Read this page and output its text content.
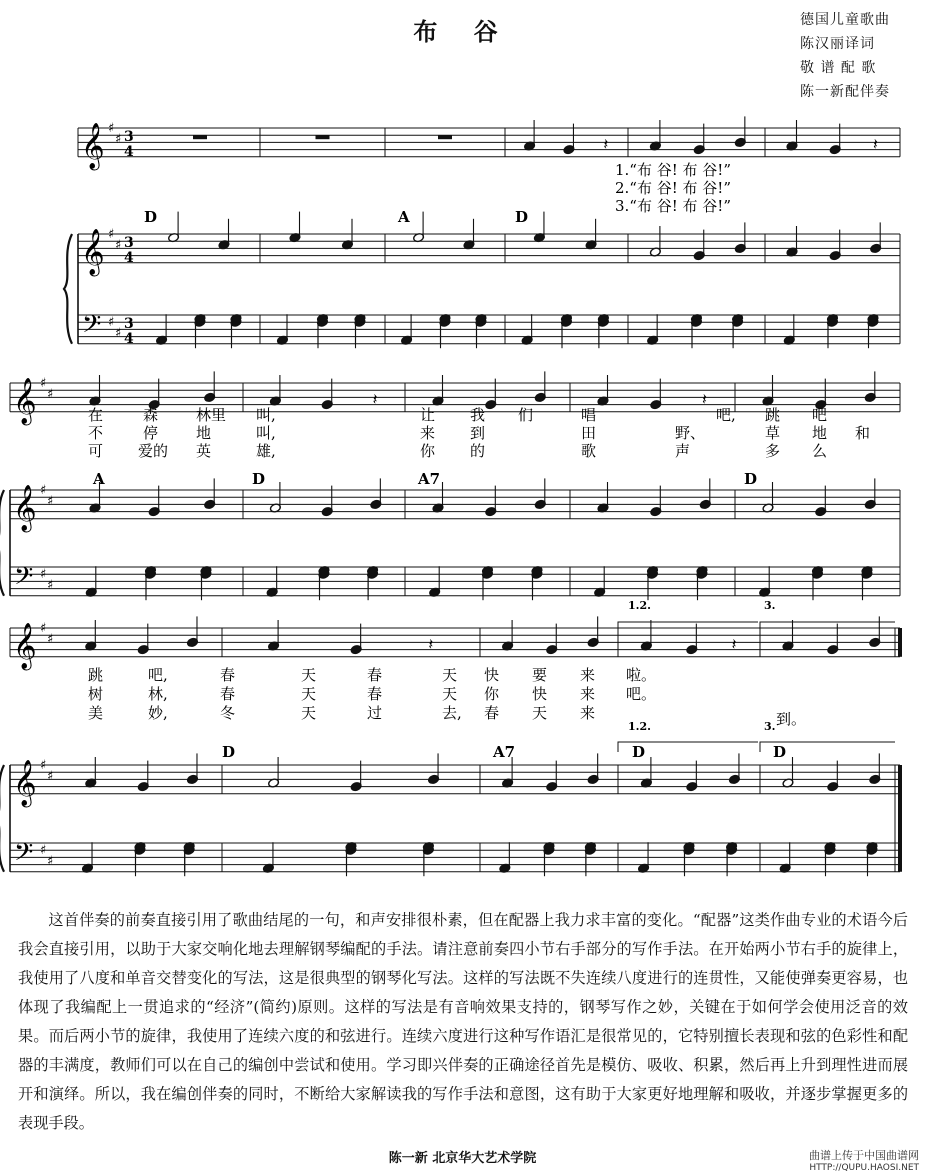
布 谷	德国儿童歌曲
陈汉丽译词
敬 谱 配 歌
陈一新配伴奏
𝄞
𝄞
𝄢
♯
♯
♯
♯
♯
♯
3
4
3
4
3
4
𝄞
𝄞
𝄢
♯
♯
♯
♯
♯
♯
𝄞
𝄞
𝄢
♯
♯
♯
♯
♯
♯
𝄽	𝄽
𝄽	𝄽
𝄽	𝄽
D	A	D
1.“布 谷! 布 谷!”
2.“布 谷! 布 谷!”
3.“布 谷! 布 谷!”
A	D	A7	D
在	森	林里 叫,	让 我 们	唱	吧, 跳 吧
不	停	地	叫,	来 到	田	野、	草 地 和
可 爱的 英	雄,	你 的	歌	声	多 么
D	A7	D	D
1.2.	3.
1.2.	3.
跳	吧,	春	天	春	天 快 要 来 啦。
树	林,	春	天	春	天 你 快 来 吧。
美	妙,	冬	天	过	去, 春 天 来	到。
这首伴奏的前奏直接引用了歌曲结尾的一句，和声安排很朴素，但在配器上我力求丰富的变化。“配器”这类作曲专业的术语今后我会直接引用，以助于大家交响化地去理解钢琴编配的手法。请注意前奏四小节右手部分的写作手法。在开始两小节右手的旋律上，我使用了八度和单音交替变化的写法，这是很典型的钢琴化写法。这样的写法既不失连续八度进行的连贯性，又能使弹奏更容易，也体现了我编配上一贯追求的“经济”(简约)原则。这样的写法是有音响效果支持的，钢琴写作之妙，关键在于如何学会使用泛音的效果。而后两小节的旋律，我使用了连续六度的和弦进行。连续六度进行这种写作语汇是很常见的，它特别擅长表现和弦的色彩性和配器的丰满度，教师们可以在自己的编创中尝试和使用。学习即兴伴奏的正确途径首先是模仿、吸收、积累，然后再上升到理性进而展开和演绎。所以，我在编创伴奏的同时，不断给大家解读我的写作手法和意图，这有助于大家更好地理解和吸收，并逐步掌握更多的表现手段。
陈一新 北京华大艺术学院	曲谱上传于中国曲谱网
HTTP://QUPU.HAOSI.NET
